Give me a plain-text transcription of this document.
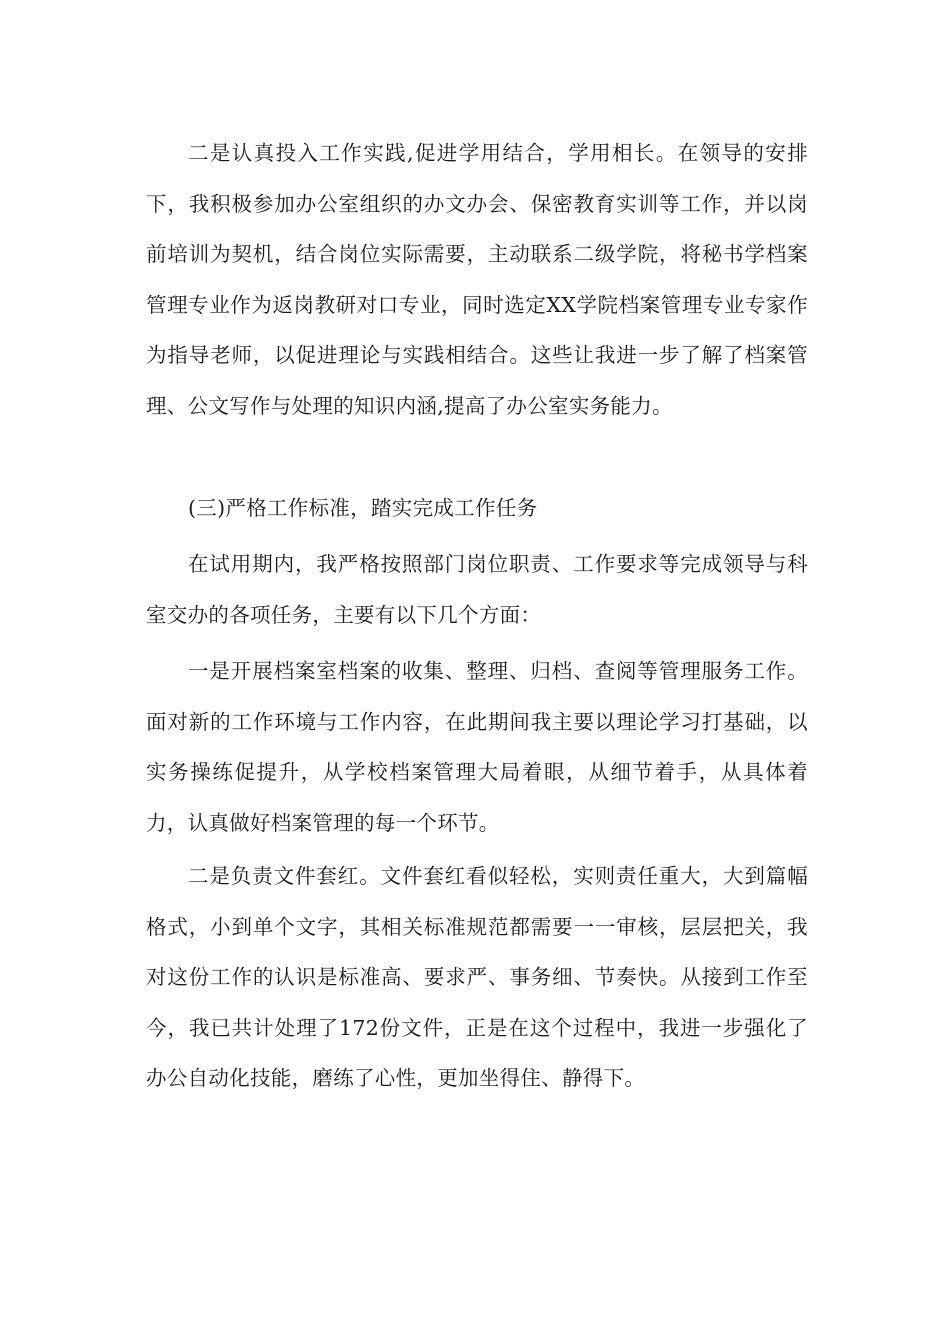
二是认真投入工作实践,促进学用结合，学用相长。在领导的安排下，我积极参加办公室组织的办文办会、保密教育实训等工作，并以岗前培训为契机，结合岗位实际需要，主动联系二级学院，将秘书学档案管理专业作为返岗教研对口专业，同时选定XX学院档案管理专业专家作为指导老师，以促进理论与实践相结合。这些让我进一步了解了档案管理、公文写作与处理的知识内涵,提高了办公室实务能力。

(三)严格工作标准，踏实完成工作任务

在试用期内，我严格按照部门岗位职责、工作要求等完成领导与科室交办的各项任务，主要有以下几个方面：

一是开展档案室档案的收集、整理、归档、查阅等管理服务工作。面对新的工作环境与工作内容，在此期间我主要以理论学习打基础，以实务操练促提升，从学校档案管理大局着眼，从细节着手，从具体着力，认真做好档案管理的每一个环节。

二是负责文件套红。文件套红看似轻松，实则责任重大，大到篇幅格式，小到单个文字，其相关标准规范都需要一一审核，层层把关，我对这份工作的认识是标准高、要求严、事务细、节奏快。从接到工作至今，我已共计处理了172份文件，正是在这个过程中，我进一步强化了办公自动化技能，磨练了心性，更加坐得住、静得下。
